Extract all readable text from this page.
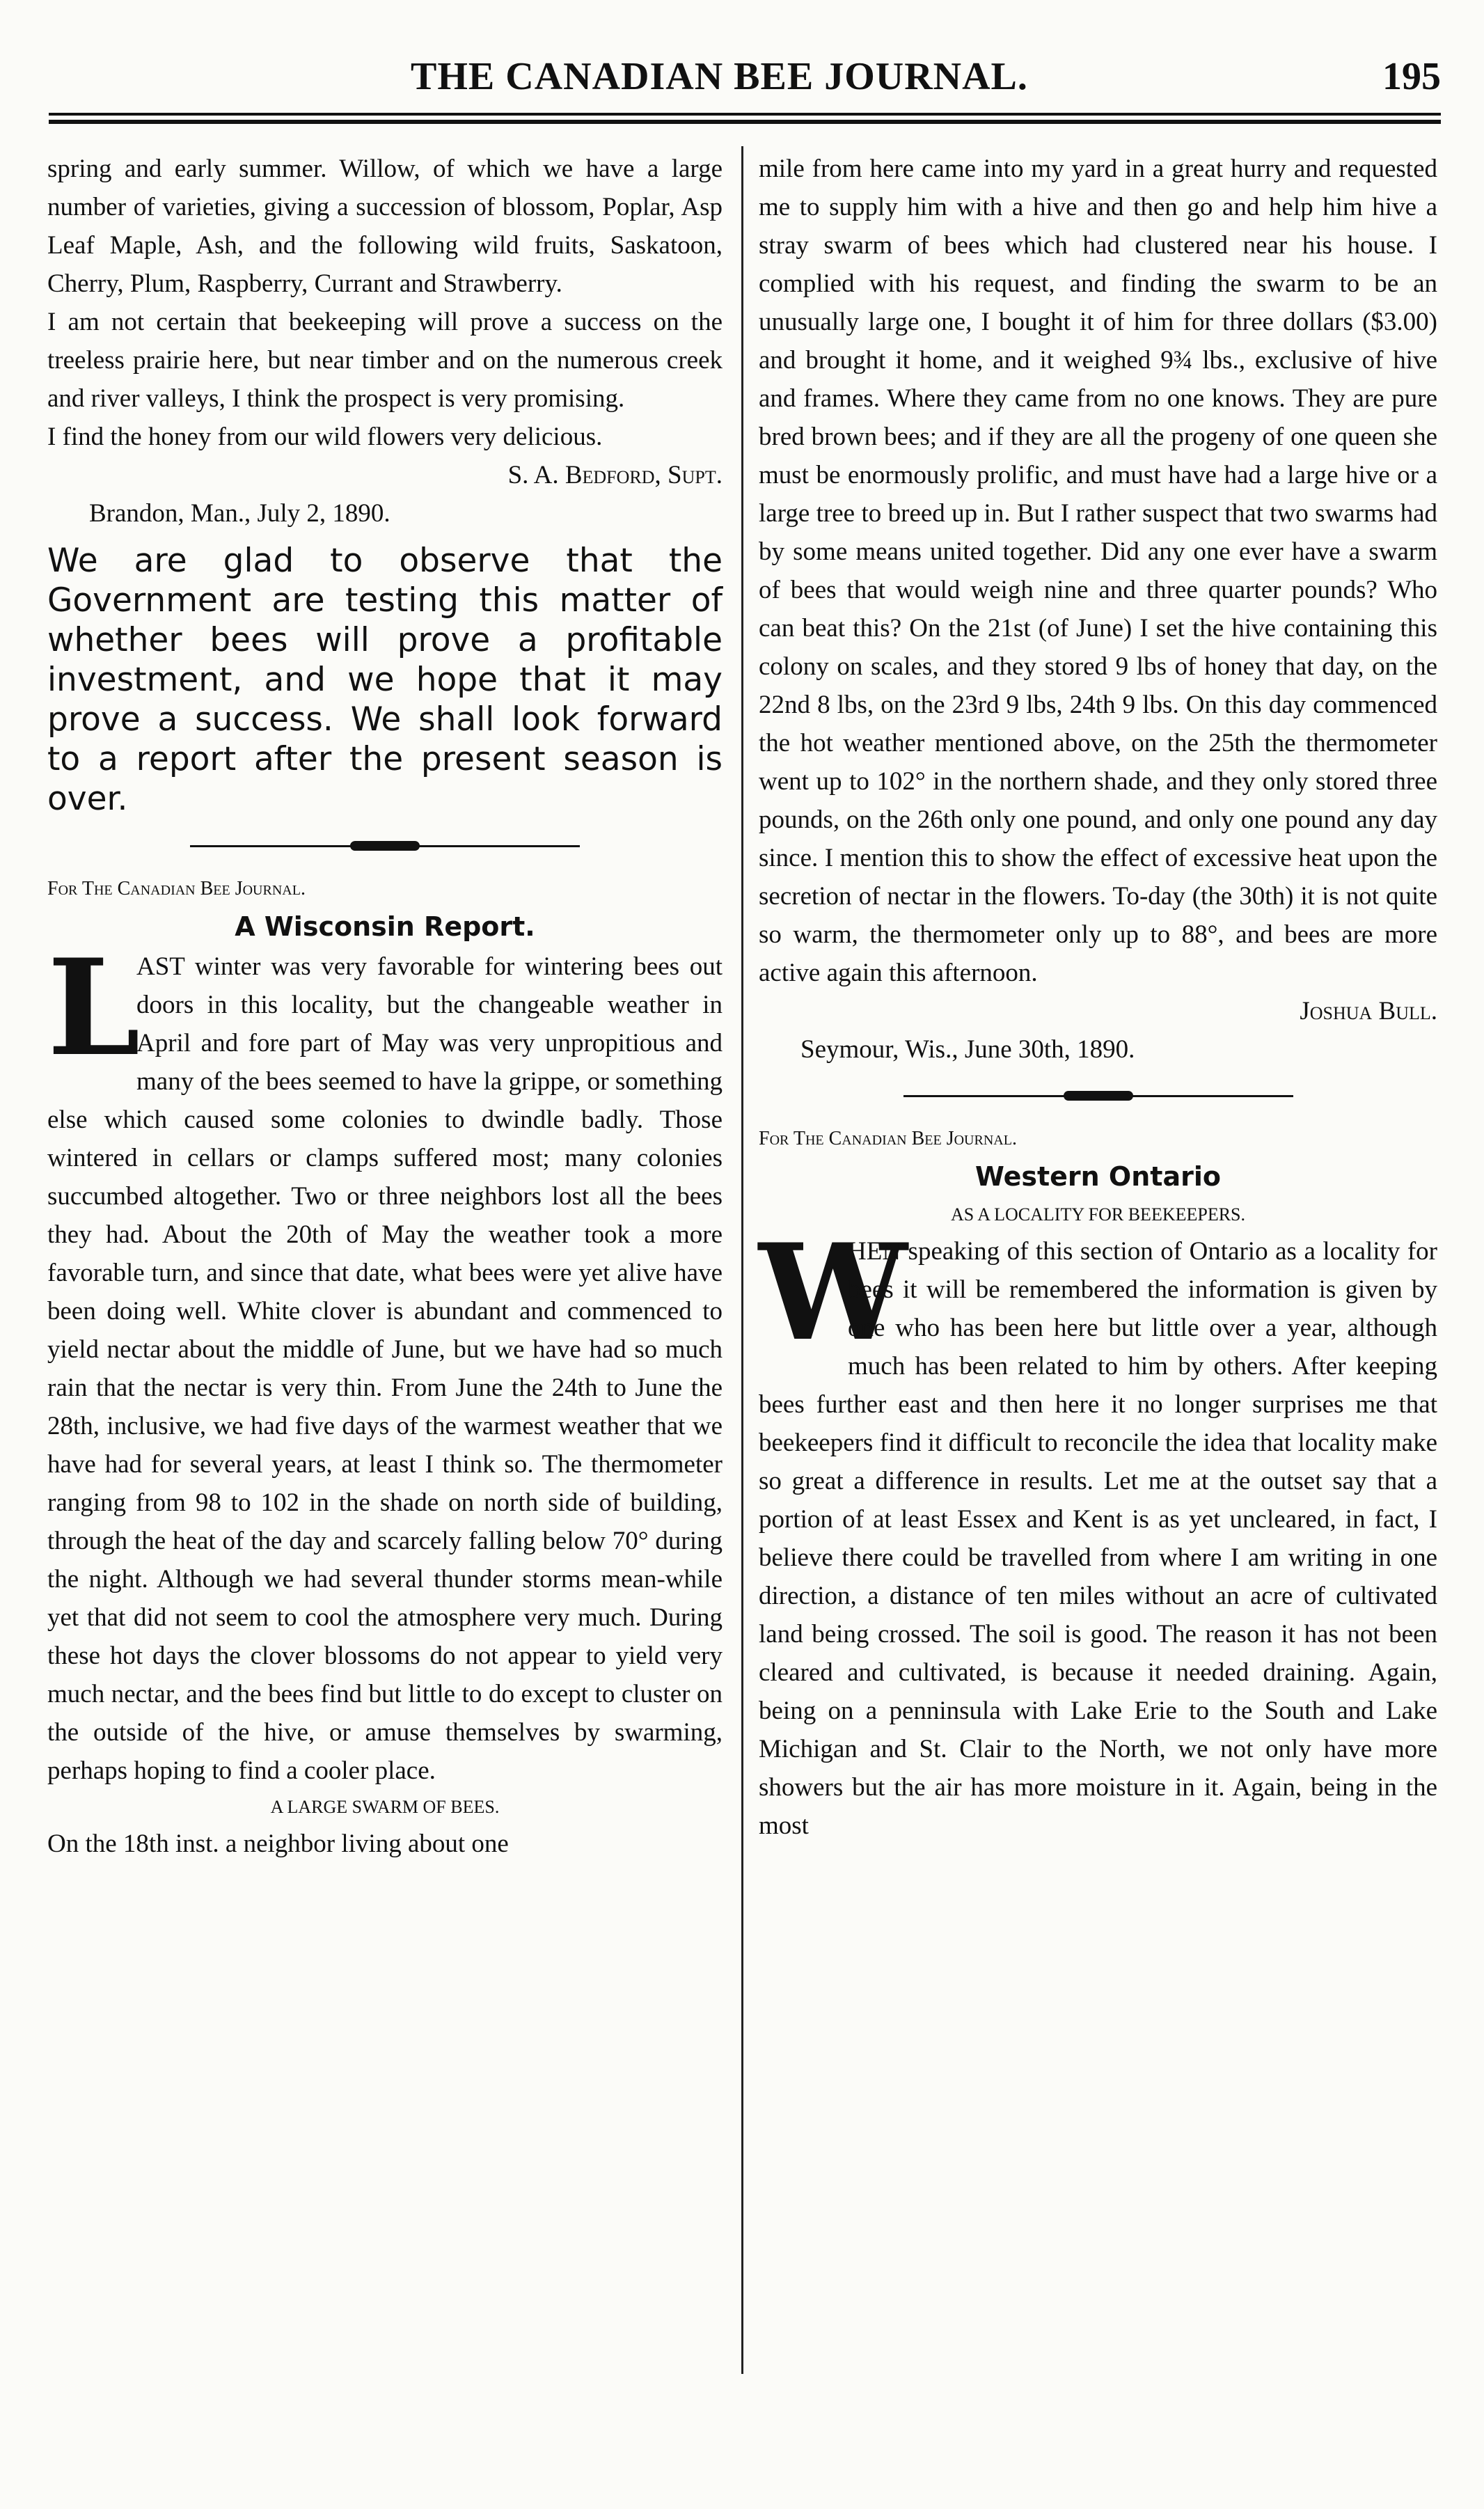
THE CANADIAN BEE JOURNAL.	195

spring and early summer. Willow, of which we have a large number of varieties, giving a succession of blossom, Poplar, Asp Leaf Maple, Ash, and the following wild fruits, Saskatoon, Cherry, Plum, Raspberry, Currant and Strawberry.

I am not certain that beekeeping will prove a success on the treeless prairie here, but near timber and on the numerous creek and river valleys, I think the prospect is very promising.

I find the honey from our wild flowers very delicious.

S. A. Bedford, Supt.

Brandon, Man., July 2, 1890.

We are glad to observe that the Government are testing this matter of whether bees will prove a profitable investment, and we hope that it may prove a success. We shall look forward to a report after the present season is over.

For The Canadian Bee Journal.

A Wisconsin Report.

L

AST winter was very favorable for wintering bees out doors in this locality, but the changeable weather in April and fore part of May was very unpropitious and many of the bees seemed to have la grippe, or something else which caused some colonies to dwindle badly. Those wintered in cellars or clamps suffered most; many colonies succumbed altogether. Two or three neighbors lost all the bees they had. About the 20th of May the weather took a more favorable turn, and since that date, what bees were yet alive have been doing well. White clover is abundant and commenced to yield nectar about the middle of June, but we have had so much rain that the nectar is very thin. From June the 24th to June the 28th, inclusive, we had five days of the warmest weather that we have had for several years, at least I think so. The thermometer ranging from 98 to 102 in the shade on north side of building, through the heat of the day and scarcely falling below 70° during the night. Although we had several thunder storms mean-while yet that did not seem to cool the atmosphere very much. During these hot days the clover blossoms do not appear to yield very much nectar, and the bees find but little to do except to cluster on the outside of the hive, or amuse themselves by swarming, perhaps hoping to find a cooler place.

A LARGE SWARM OF BEES.

On the 18th inst. a neighbor living about one

mile from here came into my yard in a great hurry and requested me to supply him with a hive and then go and help him hive a stray swarm of bees which had clustered near his house. I complied with his request, and finding the swarm to be an unusually large one, I bought it of him for three dollars ($3.00) and brought it home, and it weighed 9¾ lbs., exclusive of hive and frames. Where they came from no one knows. They are pure bred brown bees; and if they are all the progeny of one queen she must be enormously prolific, and must have had a large hive or a large tree to breed up in. But I rather suspect that two swarms had by some means united together. Did any one ever have a swarm of bees that would weigh nine and three quarter pounds? Who can beat this? On the 21st (of June) I set the hive containing this colony on scales, and they stored 9 lbs of honey that day, on the 22nd 8 lbs, on the 23rd 9 lbs, 24th 9 lbs. On this day commenced the hot weather mentioned above, on the 25th the thermometer went up to 102° in the northern shade, and they only stored three pounds, on the 26th only one pound, and only one pound any day since. I mention this to show the effect of excessive heat upon the secretion of nectar in the flowers. To-day (the 30th) it is not quite so warm, the thermometer only up to 88°, and bees are more active again this afternoon.

Joshua Bull.

Seymour, Wis., June 30th, 1890.

For The Canadian Bee Journal.

Western Ontario

AS A LOCALITY FOR BEEKEEPERS.

W

HEN speaking of this section of Ontario as a locality for bees it will be remembered the information is given by one who has been here but little over a year, although much has been related to him by others. After keeping bees further east and then here it no longer surprises me that beekeepers find it difficult to reconcile the idea that locality make so great a difference in results. Let me at the outset say that a portion of at least Essex and Kent is as yet uncleared, in fact, I believe there could be travelled from where I am writing in one direction, a distance of ten miles without an acre of cultivated land being crossed. The soil is good. The reason it has not been cleared and cultivated, is because it needed draining. Again, being on a penninsula with Lake Erie to the South and Lake Michigan and St. Clair to the North, we not only have more showers but the air has more moisture in it. Again, being in the most
